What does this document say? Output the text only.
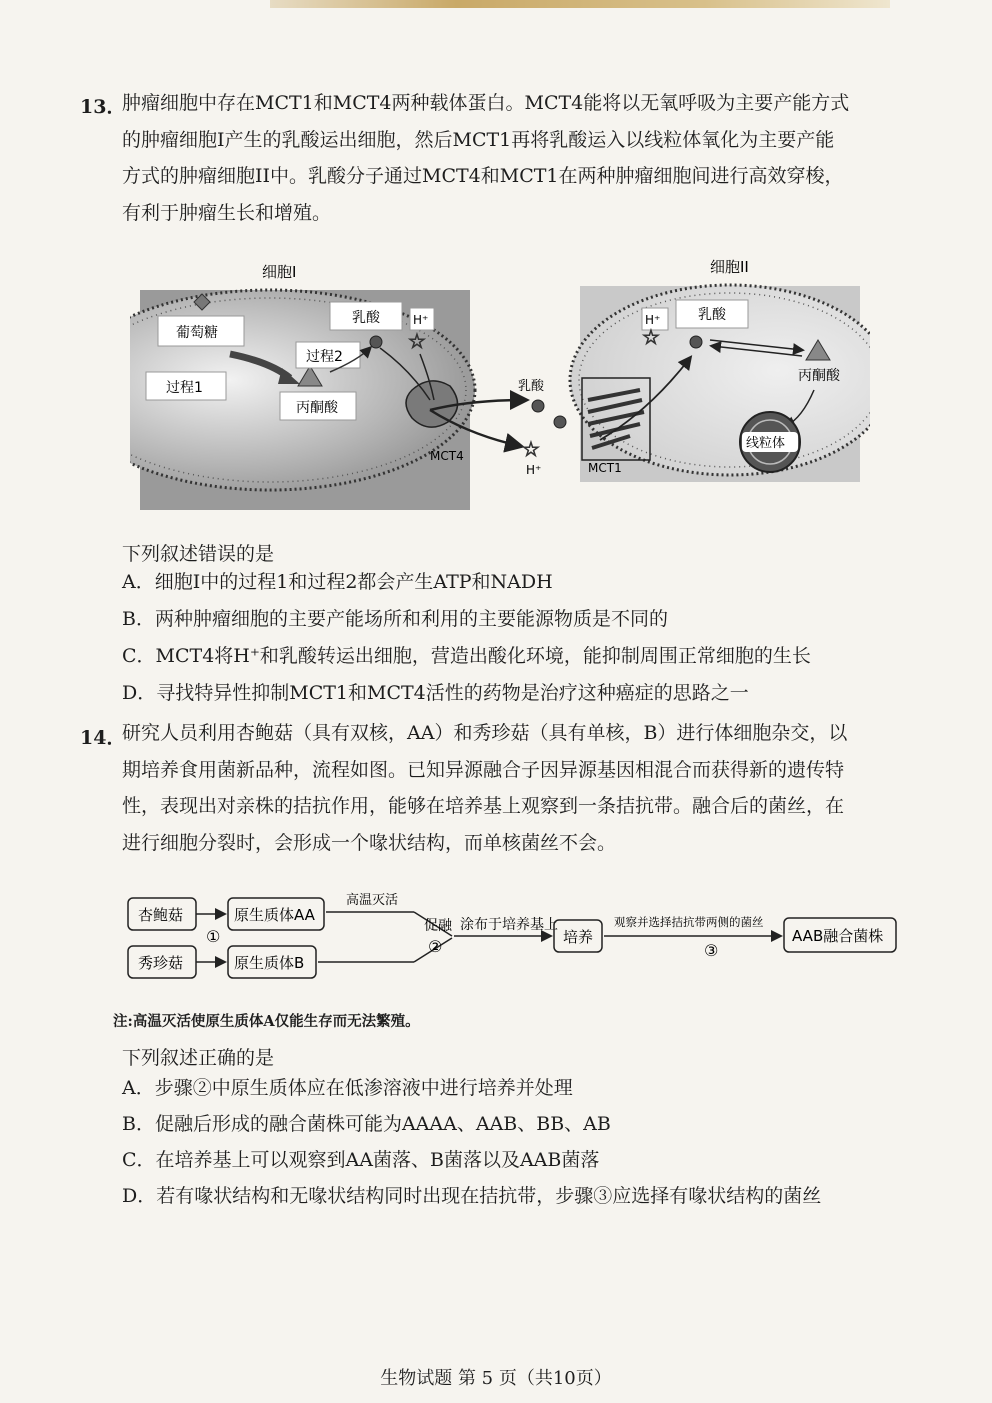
13．
肿瘤细胞中存在MCT1和MCT4两种载体蛋白。MCT4能将以无氧呼吸为主要产能方式
的肿瘤细胞I产生的乳酸运出细胞，然后MCT1再将乳酸运入以线粒体氧化为主要产能
方式的肿瘤细胞II中。乳酸分子通过MCT4和MCT1在两种肿瘤细胞间进行高效穿梭，
有利于肿瘤生长和增殖。
细胞I	细胞II
葡萄糖
过程1
丙酮酸
过程2
乳酸	H⁺
☆
MCT4
乳酸
☆
H⁺	MCT1
H⁺
☆
乳酸
丙酮酸
线粒体
下列叙述错误的是
A．细胞I中的过程1和过程2都会产生ATP和NADH
B．两种肿瘤细胞的主要产能场所和利用的主要能源物质是不同的
C．MCT4将H⁺和乳酸转运出细胞，营造出酸化环境，能抑制周围正常细胞的生长
D．寻找特异性抑制MCT1和MCT4活性的药物是治疗这种癌症的思路之一
14．
研究人员利用杏鲍菇（具有双核，AA）和秀珍菇（具有单核，B）进行体细胞杂交，以
期培养食用菌新品种，流程如图。已知异源融合子因异源基因相混合而获得新的遗传特
性，表现出对亲株的拮抗作用，能够在培养基上观察到一条拮抗带。融合后的菌丝，在
进行细胞分裂时，会形成一个喙状结构，而单核菌丝不会。
杏鲍菇	原生质体AA
①
秀珍菇	原生质体B
高温灭活
促融
②
涂布于培养基上
培养
观察并选择拮抗带两侧的菌丝
③
AAB融合菌株
注:高温灭活使原生质体A仅能生存而无法繁殖。
下列叙述正确的是
A．步骤②中原生质体应在低渗溶液中进行培养并处理
B．促融后形成的融合菌株可能为AAAA、AAB、BB、AB
C．在培养基上可以观察到AA菌落、B菌落以及AAB菌落
D．若有喙状结构和无喙状结构同时出现在拮抗带，步骤③应选择有喙状结构的菌丝
生物试题 第 5 页（共10页）
